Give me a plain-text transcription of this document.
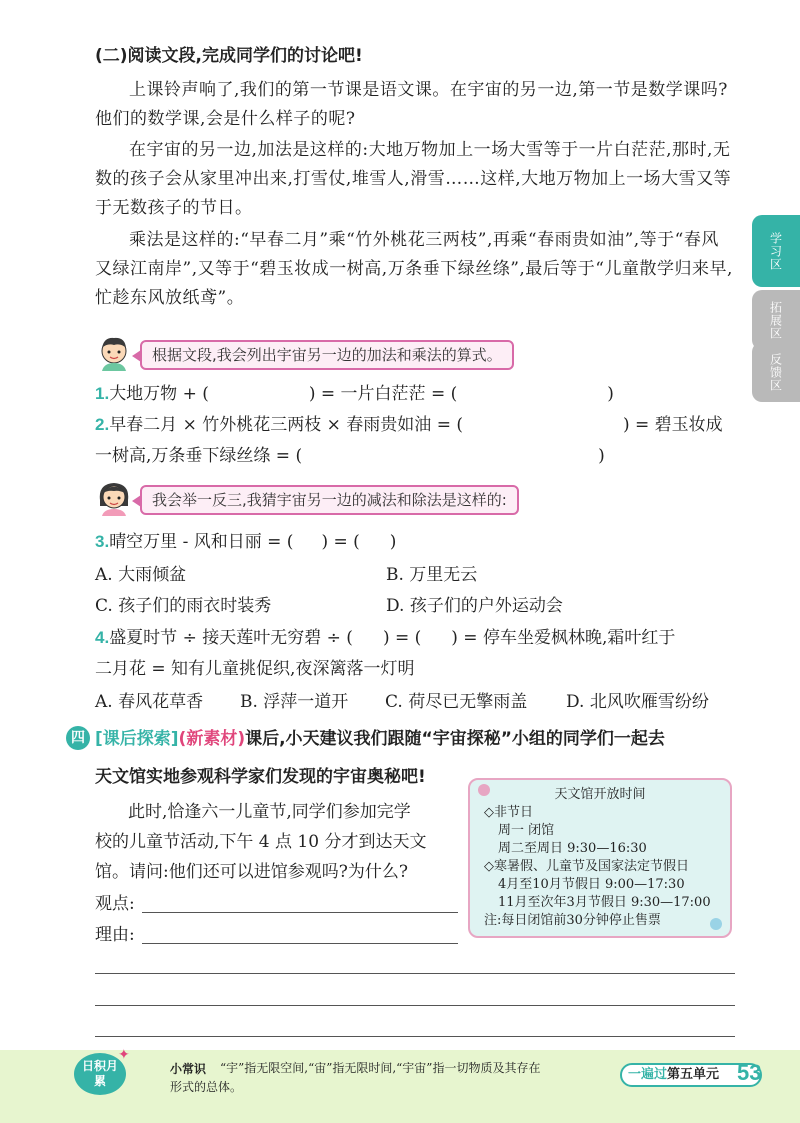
(二)阅读文段,完成同学们的讨论吧!
上课铃声响了,我们的第一节课是语文课。在宇宙的另一边,第一节是数学课吗?他们的数学课,会是什么样子的呢?
在宇宙的另一边,加法是这样的:大地万物加上一场大雪等于一片白茫茫,那时,无数的孩子会从家里冲出来,打雪仗,堆雪人,滑雪……这样,大地万物加上一场大雪又等于无数孩子的节日。
乘法是这样的:“早春二月”乘“竹外桃花三两枝”,再乘“春雨贵如油”,等于“春风又绿江南岸”,又等于“碧玉妆成一树高,万条垂下绿丝绦”,最后等于“儿童散学归来早,忙趁东风放纸鸢”。
学习区
拓展区
反馈区
根据文段,我会列出宇宙另一边的加法和乘法的算式。
1.大地万物 + (	) = 一片白茫茫 = (	)
2.早春二月 × 竹外桃花三两枝 × 春雨贵如油 = (	) = 碧玉妆成
一树高,万条垂下绿丝绦 = (	)
我会举一反三,我猜宇宙另一边的减法和除法是这样的:
3.晴空万里 - 风和日丽 = ( ) = ( )
A. 大雨倾盆	B. 万里无云
C. 孩子们的雨衣时装秀	D. 孩子们的户外运动会
4.盛夏时节 ÷ 接天莲叶无穷碧 ÷ ( ) = ( ) = 停车坐爱枫林晚,霜叶红于
二月花 = 知有儿童挑促织,夜深篱落一灯明
A. 春风花草香 B. 浮萍一道开 C. 荷尽已无擎雨盖 D. 北风吹雁雪纷纷
四 [课后探索](新素材)课后,小天建议我们跟随“宇宙探秘”小组的同学们一起去
天文馆实地参观科学家们发现的宇宙奥秘吧!
此时,恰逢六一儿童节,同学们参加完学
校的儿童节活动,下午 4 点 10 分才到达天文
馆。请问:他们还可以进馆参观吗?为什么?
观点:
理由:
天文馆开放时间
◇非节日
周一 闭馆
周二至周日 9:30—16:30
◇寒暑假、儿童节及国家法定节假日
4月至10月节假日 9:00—17:30
11月至次年3月节假日 9:30—17:00
注:每日闭馆前30分钟停止售票
日积月累
✦
小常识 “宇”指无限空间,“宙”指无限时间,“宇宙”指一切物质及其存在
形式的总体。
一遍过第五单元 53
